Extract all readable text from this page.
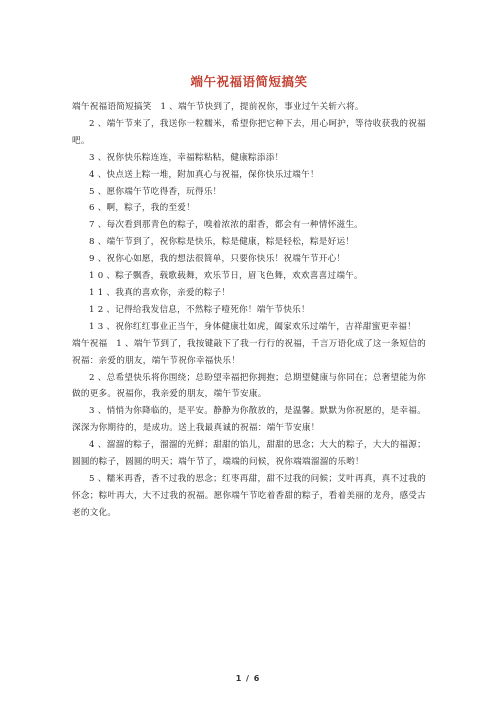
端午祝福语简短搞笑

端午祝福语简短搞笑　1 、端午节快到了，提前祝你，事业过午关斩六将。

2 、端午节来了，我送你一粒糯米，希望你把它种下去，用心呵护，等待收获我的祝福吧。

3 、祝你快乐粽连连，幸福粽粘粘，健康粽添添！

4 、快点送上粽一堆，附加真心与祝福，保你快乐过端午！

5 、愿你端午节吃得香，玩得乐！

6 、啊，粽子，我的至爱！

7 、每次看到那青色的粽子，嗅着浓浓的甜香，都会有一种情怀滋生。

8 、端午节到了，祝你粽是快乐，粽是健康，粽是轻松，粽是好运！

9 、祝你心如愿，我的想法很简单，只要你快乐！祝端午节开心！

1 0 、粽子飘香，载歌载舞，欢乐节日，眉飞色舞，欢欢喜喜过端午。

1 1 、我真的喜欢你，亲爱的粽子！

1 2 、记得给我发信息，不然粽子噎死你！端午节快乐！

1 3 、祝你红红事业正当午，身体健康壮如虎，阖家欢乐过端午，吉祥甜蜜更幸福！

端午祝福　1 、端午节到了，我按键敲下了我一行行的祝福，千言万语化成了这一条短信的祝福：亲爱的朋友，端午节祝你幸福快乐！

2 、总希望快乐将你围绕；总盼望幸福把你拥抱；总期望健康与你同在；总奢望能为你做的更多。祝福你，我亲爱的朋友，端午节安康。

3 、悄悄为你降临的，是平安。静静为你散放的，是温馨。默默为你祝愿的，是幸福。深深为你期待的，是成功。送上我最真诚的祝福：端午节安康！

4 、溜溜的粽子，溜溜的光鲜；甜甜的馅儿，甜甜的思念；大大的粽子，大大的福源；圆圆的粽子，圆圆的明天；端午节了，端端的问候，祝你端端溜溜的乐哟！

5 、糯米再香，香不过我的思念；红枣再甜，甜不过我的问候；艾叶再真，真不过我的怀念；粽叶再大，大不过我的祝福。愿你端午节吃着香甜的粽子，看着美丽的龙舟，感受古老的文化。

1 / 6
